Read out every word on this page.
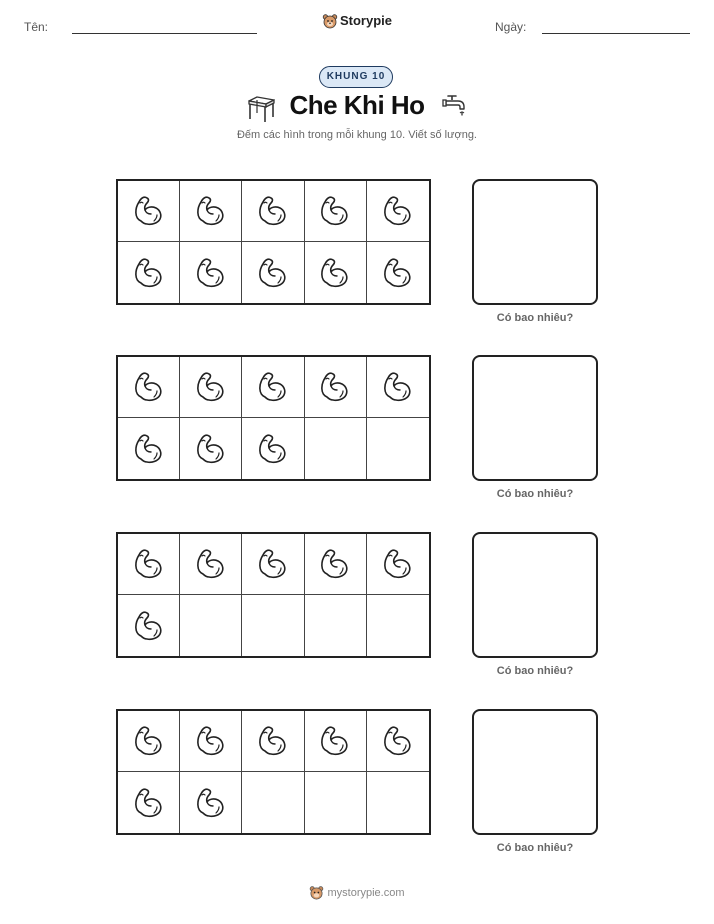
Tên:	Storypie	Ngày:
KHUNG 10
Che Khi Ho
Đếm các hình trong mỗi khung 10. Viết số lượng.
Có bao nhiêu?
Có bao nhiêu?
Có bao nhiêu?
Có bao nhiêu?
mystorypie.com
